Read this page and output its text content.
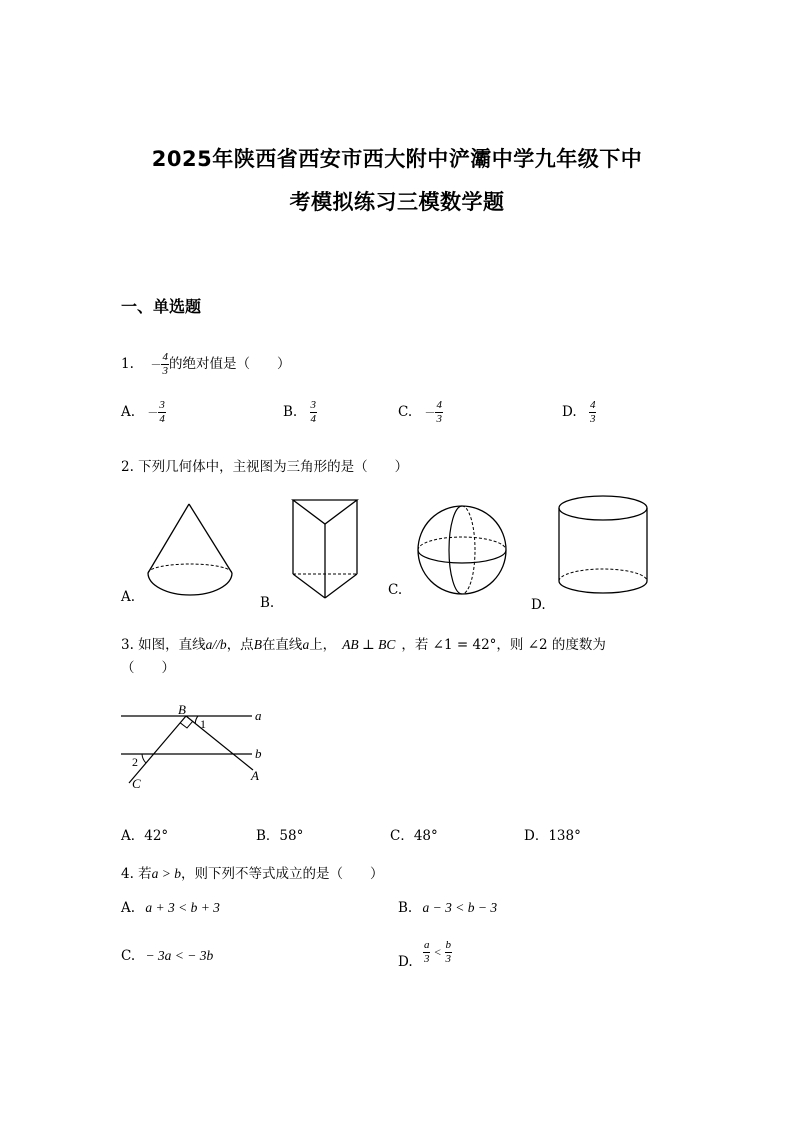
2025年陕西省西安市西大附中浐灞中学九年级下中
考模拟练习三模数学题
一、单选题
1. － $\frac{4}{3}$ 的绝对值是（　　）
A. － $\frac{3}{4}$	B. $\frac{3}{4}$	C. － $\frac{4}{3}$	D. $\frac{4}{3}$
2. 下列几何体中，主视图为三角形的是（　　）
A.	B.
C.
D.
3. 如图，直线a//b，点B在直线a上， AB ⊥ BC ，若 ∠1 = 42°，则 ∠2 的度数为
（　　）
B
1
a
b
2
C
A
A．42°	B．58°	C．48°	D．138°
4. 若a > b，则下列不等式成立的是（　　）
A. a + 3 < b + 3	B. a − 3 < b − 3
C. − 3a < − 3b	D. $\frac{a}{3} < \frac{b}{3}$
